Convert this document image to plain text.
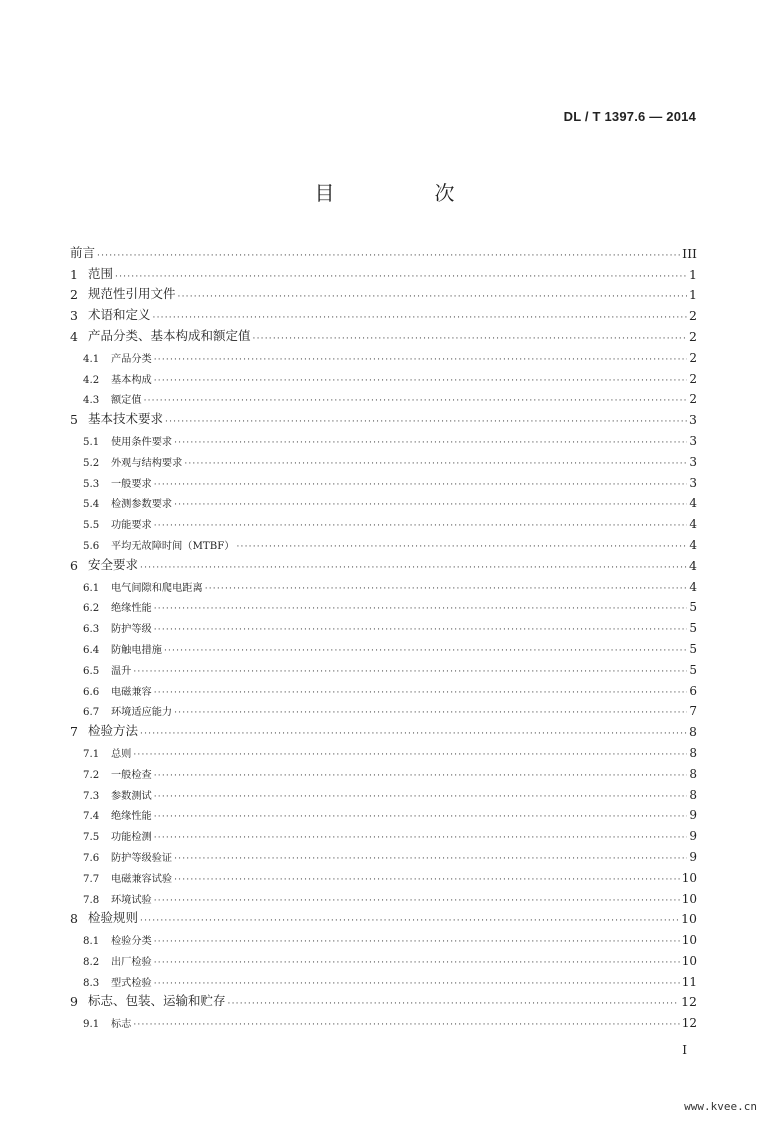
DL / T 1397.6 — 2014
目　次
前言 ·····	III
1 范围 ·····	1
2 规范性引用文件 ·····	1
3 术语和定义 ·····	2
4 产品分类、基本构成和额定值 ·····	2
4.1	产品分类 ·····	2
4.2	基本构成 ·····	2
4.3	额定值 ·····	2
5 基本技术要求 ·····	3
5.1	使用条件要求 ·····	3
5.2	外观与结构要求 ·····	3
5.3	一般要求 ·····	3
5.4	检测参数要求 ·····	4
5.5	功能要求 ·····	4
5.6	平均无故障时间（MTBF） ·····	4
6 安全要求 ·····	4
6.1	电气间隙和爬电距离 ·····	4
6.2	绝缘性能 ·····	5
6.3	防护等级 ·····	5
6.4	防触电措施 ·····	5
6.5	温升 ·····	5
6.6	电磁兼容 ·····	6
6.7	环境适应能力 ·····	7
7 检验方法 ·····	8
7.1	总则 ·····	8
7.2	一般检查 ·····	8
7.3	参数测试 ·····	8
7.4	绝缘性能 ·····	9
7.5	功能检测 ·····	9
7.6	防护等级验证 ·····	9
7.7	电磁兼容试验 ·····	10
7.8	环境试验 ·····	10
8 检验规则 ·····	10
8.1	检验分类 ·····	10
8.2	出厂检验 ·····	10
8.3	型式检验 ·····	11
9 标志、包装、运输和贮存 ·····	12
9.1	标志 ·····	12
I
www.kvee.cn
